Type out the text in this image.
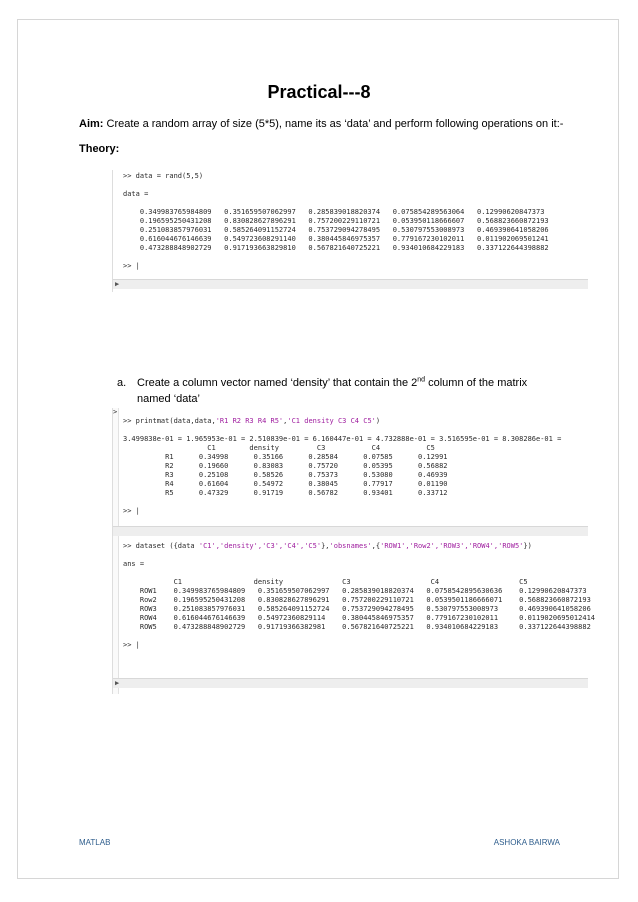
Practical---8
Aim: Create a random array of size (5*5), name its as ‘data’ and perform following operations on it:-
Theory:
>> data = rand(5,5)
data =
0.349983765984809   0.351659507062997   0.285839018820374   0.075854289563064   0.12990620847373
0.196595250431208   0.830828627896291   0.757200229110721   0.053950118666607   0.568823660872193
0.251083857976031   0.585264091152724   0.753729094278495   0.530797553008973   0.469390641058206
0.616044676146639   0.549723608291140   0.380445846975357   0.779167230102011   0.011902069501241
0.473288848902729   0.917193663829810   0.567821640725221   0.934010684229183   0.337122644398882
>> |
▶
a. Create a column vector named ‘density’ that contain the 2nd column of the matrix named ‘data’
>
>> printmat(data,data,'R1 R2 R3 R4 R5','C1 density C3 C4 C5')
3.499838e-01 = 1.965953e-01 = 2.510839e-01 = 6.160447e-01 = 4.732888e-01 = 3.516595e-01 = 8.308286e-01 =
C1        density         C3           C4           C5
R1      0.34998      0.35166      0.28584      0.07585      0.12991
R2      0.19660      0.83083      0.75720      0.05395      0.56882
R3      0.25108      0.58526      0.75373      0.53080      0.46939
R4      0.61604      0.54972      0.38045      0.77917      0.01190
R5      0.47329      0.91719      0.56782      0.93401      0.33712
>> |
>> dataset ({data 'C1','density','C3','C4','C5'},'obsnames',{'ROW1','Row2','ROW3','ROW4','ROW5'})
ans =
C1                 density              C3                   C4                   C5
ROW1    0.349983765984809   0.351659507062997   0.285839018820374   0.0758542895630636    0.12990620847373
Row2    0.196595250431208   0.830828627896291   0.757200229110721   0.0539501186666071    0.568823660872193
ROW3    0.251083857976031   0.585264091152724   0.753729094278495   0.530797553008973     0.469390641058206
ROW4    0.616044676146639   0.54972360829114    0.380445846975357   0.779167230102011     0.0119020695012414
ROW5    0.473288848902729   0.91719366382981    0.567821640725221   0.934010684229183     0.337122644398882
>> |
▶
MATLAB	ASHOKA BAIRWA
